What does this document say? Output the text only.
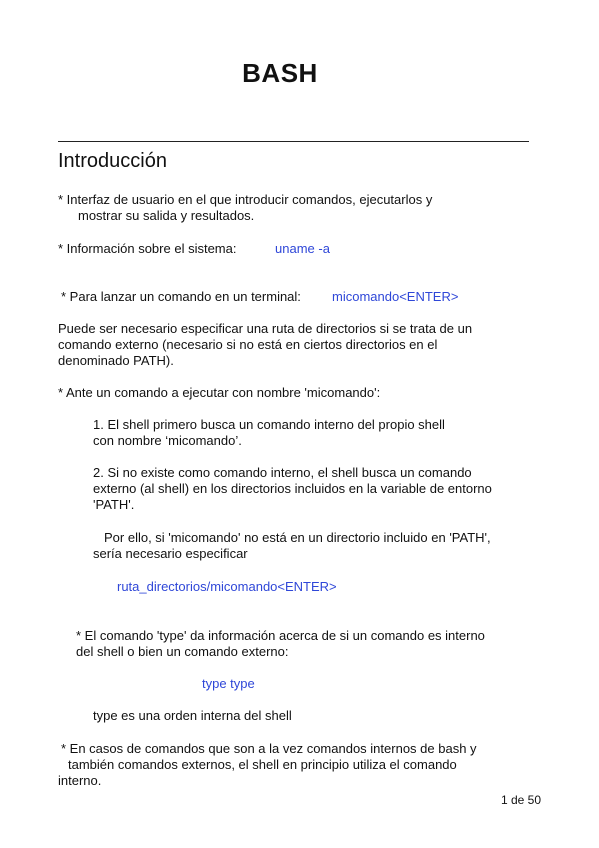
BASH
Introducción
* Interfaz de usuario en el que introducir comandos, ejecutarlos y
mostrar su salida y resultados.
* Información sobre el sistema:	uname -a
* Para lanzar un comando en un terminal: micomando<ENTER>
Puede ser necesario especificar una ruta de directorios si se trata de un
comando externo (necesario si no está en ciertos directorios en el
denominado PATH).
* Ante un comando a ejecutar con nombre 'micomando':
1. El shell primero busca un comando interno del propio shell
con nombre ‘micomando’.
2. Si no existe como comando interno, el shell busca un comando
externo (al shell) en los directorios incluidos en la variable de entorno
'PATH'.
Por ello, si 'micomando' no está en un directorio incluido en 'PATH',
sería necesario especificar
ruta_directorios/micomando<ENTER>
* El comando 'type' da información acerca de si un comando es interno
del shell o bien un comando externo:
type type
type es una orden interna del shell
* En casos de comandos que son a la vez comandos internos de bash y
también comandos externos, el shell en principio utiliza el comando
interno.
1 de 50
